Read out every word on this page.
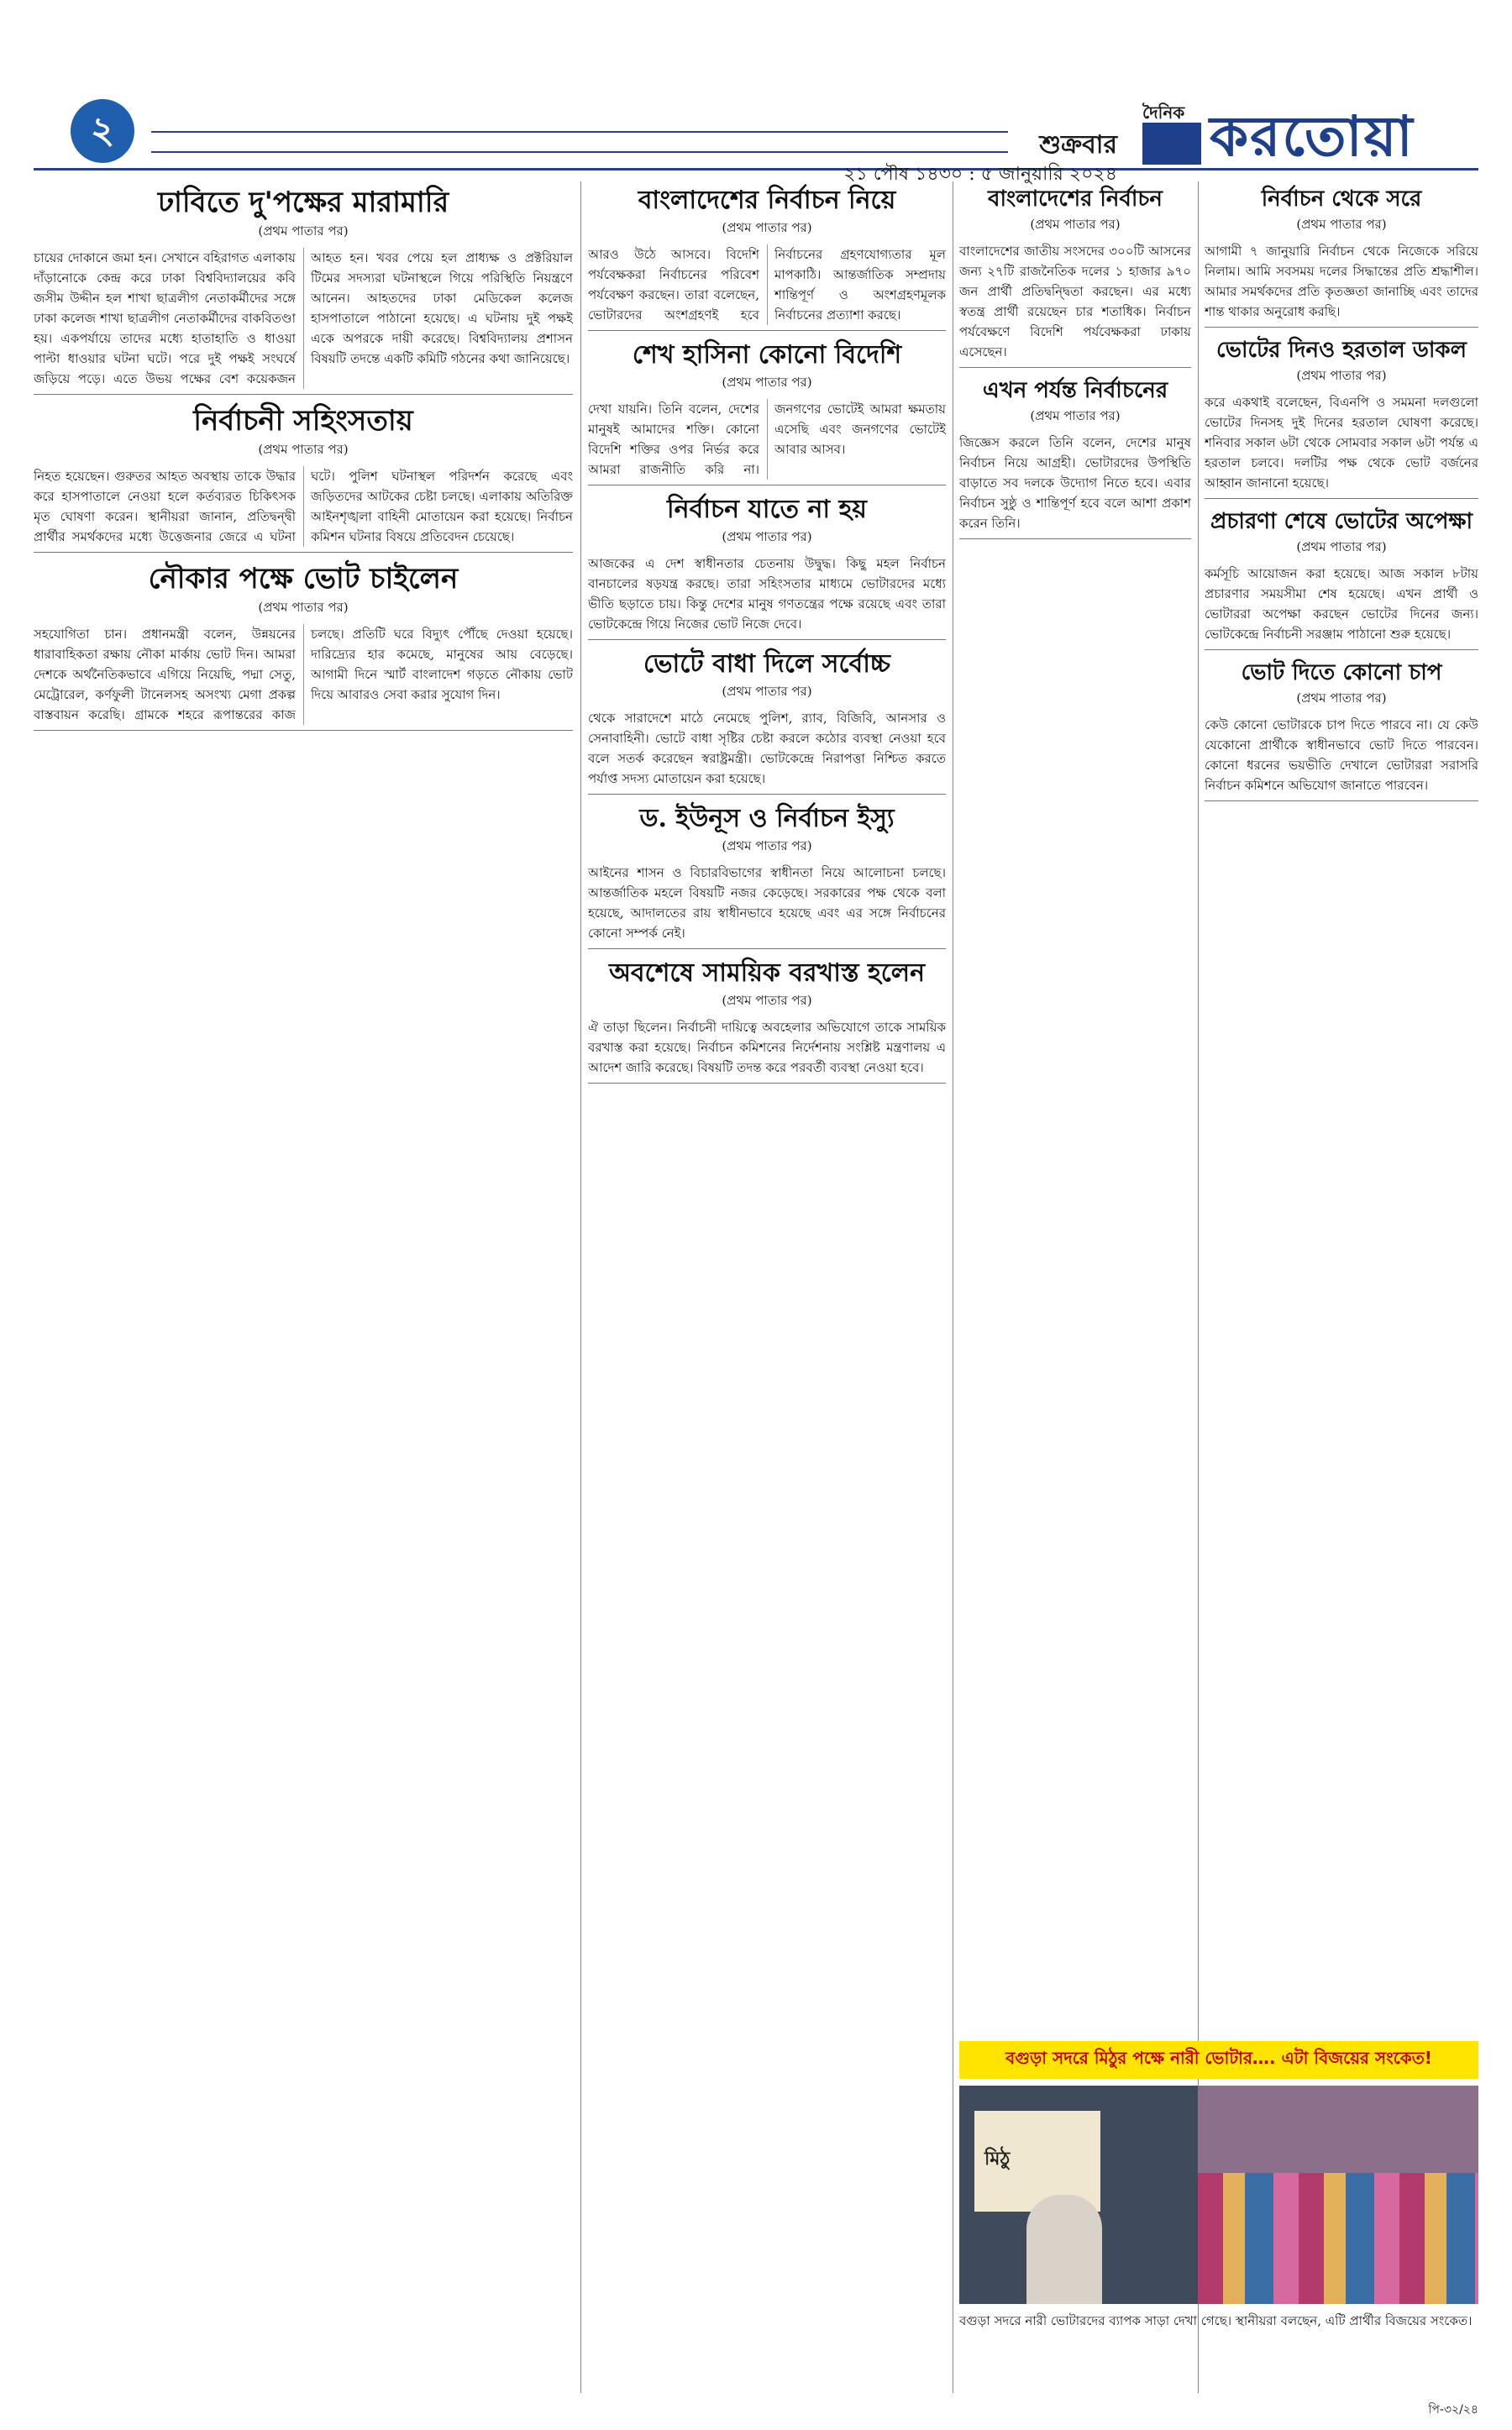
২	শুক্রবার
২১ পৌষ ১৪৩০ : ৫ জানুয়ারি ২০২৪
দৈনিক করতোয়া
ঢাবিতে দু'পক্ষের মারামারি
(প্রথম পাতার পর)

চায়ের দোকানে জমা হন। সেখানে বহিরাগত এলাকায় দাঁড়ানোকে কেন্দ্র করে ঢাকা বিশ্ববিদ্যালয়ের কবি জসীম উদ্দীন হল শাখা ছাত্রলীগ নেতাকর্মীদের সঙ্গে ঢাকা কলেজ শাখা ছাত্রলীগ নেতাকর্মীদের বাকবিতণ্ডা হয়। একপর্যায়ে তাদের মধ্যে হাতাহাতি ও ধাওয়া পাল্টা ধাওয়ার ঘটনা ঘটে। পরে দুই পক্ষই সংঘর্ষে জড়িয়ে পড়ে। এতে উভয় পক্ষের বেশ কয়েকজন আহত হন। খবর পেয়ে হল প্রাধ্যক্ষ ও প্রক্টরিয়াল টিমের সদস্যরা ঘটনাস্থলে গিয়ে পরিস্থিতি নিয়ন্ত্রণে আনেন। আহতদের ঢাকা মেডিকেল কলেজ হাসপাতালে পাঠানো হয়েছে। এ ঘটনায় দুই পক্ষই একে অপরকে দায়ী করেছে। বিশ্ববিদ্যালয় প্রশাসন বিষয়টি তদন্তে একটি কমিটি গঠনের কথা জানিয়েছে।

নির্বাচনী সহিংসতায়
(প্রথম পাতার পর)

নিহত হয়েছেন। গুরুতর আহত অবস্থায় তাকে উদ্ধার করে হাসপাতালে নেওয়া হলে কর্তব্যরত চিকিৎসক মৃত ঘোষণা করেন। স্থানীয়রা জানান, প্রতিদ্বন্দ্বী প্রার্থীর সমর্থকদের মধ্যে উত্তেজনার জেরে এ ঘটনা ঘটে। পুলিশ ঘটনাস্থল পরিদর্শন করেছে এবং জড়িতদের আটকের চেষ্টা চলছে। এলাকায় অতিরিক্ত আইনশৃঙ্খলা বাহিনী মোতায়েন করা হয়েছে। নির্বাচন কমিশন ঘটনার বিষয়ে প্রতিবেদন চেয়েছে।

নৌকার পক্ষে ভোট চাইলেন
(প্রথম পাতার পর)

সহযোগিতা চান। প্রধানমন্ত্রী বলেন, উন্নয়নের ধারাবাহিকতা রক্ষায় নৌকা মার্কায় ভোট দিন। আমরা দেশকে অর্থনৈতিকভাবে এগিয়ে নিয়েছি, পদ্মা সেতু, মেট্রোরেল, কর্ণফুলী টানেলসহ অসংখ্য মেগা প্রকল্প বাস্তবায়ন করেছি। গ্রামকে শহরে রূপান্তরের কাজ চলছে। প্রতিটি ঘরে বিদ্যুৎ পৌঁছে দেওয়া হয়েছে। দারিদ্র্যের হার কমেছে, মানুষের আয় বেড়েছে। আগামী দিনে স্মার্ট বাংলাদেশ গড়তে নৌকায় ভোট দিয়ে আবারও সেবা করার সুযোগ দিন।

বাংলাদেশের নির্বাচন নিয়ে
(প্রথম পাতার পর)

আরও উঠে আসবে। বিদেশি পর্যবেক্ষকরা নির্বাচনের পরিবেশ পর্যবেক্ষণ করছেন। তারা বলেছেন, ভোটারদের অংশগ্রহণই হবে নির্বাচনের গ্রহণযোগ্যতার মূল মাপকাঠি। আন্তর্জাতিক সম্প্রদায় শান্তিপূর্ণ ও অংশগ্রহণমূলক নির্বাচনের প্রত্যাশা করছে।

শেখ হাসিনা কোনো বিদেশি
(প্রথম পাতার পর)

দেখা যায়নি। তিনি বলেন, দেশের মানুষই আমাদের শক্তি। কোনো বিদেশি শক্তির ওপর নির্ভর করে আমরা রাজনীতি করি না। জনগণের ভোটেই আমরা ক্ষমতায় এসেছি এবং জনগণের ভোটেই আবার আসব।

নির্বাচন যাতে না হয়
(প্রথম পাতার পর)

আজকের এ দেশ স্বাধীনতার চেতনায় উদ্বুদ্ধ। কিছু মহল নির্বাচন বানচালের ষড়যন্ত্র করছে। তারা সহিংসতার মাধ্যমে ভোটারদের মধ্যে ভীতি ছড়াতে চায়। কিন্তু দেশের মানুষ গণতন্ত্রের পক্ষে রয়েছে এবং তারা ভোটকেন্দ্রে গিয়ে নিজের ভোট নিজে দেবে।

ভোটে বাধা দিলে সর্বোচ্চ
(প্রথম পাতার পর)

থেকে সারাদেশে মাঠে নেমেছে পুলিশ, র‍্যাব, বিজিবি, আনসার ও সেনাবাহিনী। ভোটে বাধা সৃষ্টির চেষ্টা করলে কঠোর ব্যবস্থা নেওয়া হবে বলে সতর্ক করেছেন স্বরাষ্ট্রমন্ত্রী। ভোটকেন্দ্রে নিরাপত্তা নিশ্চিত করতে পর্যাপ্ত সদস্য মোতায়েন করা হয়েছে।

ড. ইউনূস ও নির্বাচন ইস্যু
(প্রথম পাতার পর)

আইনের শাসন ও বিচারবিভাগের স্বাধীনতা নিয়ে আলোচনা চলছে। আন্তর্জাতিক মহলে বিষয়টি নজর কেড়েছে। সরকারের পক্ষ থেকে বলা হয়েছে, আদালতের রায় স্বাধীনভাবে হয়েছে এবং এর সঙ্গে নির্বাচনের কোনো সম্পর্ক নেই।

অবশেষে সাময়িক বরখাস্ত হলেন
(প্রথম পাতার পর)

ঐ তাড়া ছিলেন। নির্বাচনী দায়িত্বে অবহেলার অভিযোগে তাকে সাময়িক বরখাস্ত করা হয়েছে। নির্বাচন কমিশনের নির্দেশনায় সংশ্লিষ্ট মন্ত্রণালয় এ আদেশ জারি করেছে। বিষয়টি তদন্ত করে পরবর্তী ব্যবস্থা নেওয়া হবে।

বাংলাদেশের নির্বাচন
(প্রথম পাতার পর)

বাংলাদেশের জাতীয় সংসদের ৩০০টি আসনের জন্য ২৭টি রাজনৈতিক দলের ১ হাজার ৯৭০ জন প্রার্থী প্রতিদ্বন্দ্বিতা করছেন। এর মধ্যে স্বতন্ত্র প্রার্থী রয়েছেন চার শতাধিক। নির্বাচন পর্যবেক্ষণে বিদেশি পর্যবেক্ষকরা ঢাকায় এসেছেন।

এখন পর্যন্ত নির্বাচনের
(প্রথম পাতার পর)

জিজ্ঞেস করলে তিনি বলেন, দেশের মানুষ নির্বাচন নিয়ে আগ্রহী। ভোটারদের উপস্থিতি বাড়াতে সব দলকে উদ্যোগ নিতে হবে। এবার নির্বাচন সুষ্ঠু ও শান্তিপূর্ণ হবে বলে আশা প্রকাশ করেন তিনি।

নির্বাচন থেকে সরে
(প্রথম পাতার পর)

আগামী ৭ জানুয়ারি নির্বাচন থেকে নিজেকে সরিয়ে নিলাম। আমি সবসময় দলের সিদ্ধান্তের প্রতি শ্রদ্ধাশীল। আমার সমর্থকদের প্রতি কৃতজ্ঞতা জানাচ্ছি এবং তাদের শান্ত থাকার অনুরোধ করছি।

ভোটের দিনও হরতাল ডাকল
(প্রথম পাতার পর)

করে একথাই বলেছেন, বিএনপি ও সমমনা দলগুলো ভোটের দিনসহ দুই দিনের হরতাল ঘোষণা করেছে। শনিবার সকাল ৬টা থেকে সোমবার সকাল ৬টা পর্যন্ত এ হরতাল চলবে। দলটির পক্ষ থেকে ভোট বর্জনের আহ্বান জানানো হয়েছে।

প্রচারণা শেষে ভোটের অপেক্ষা
(প্রথম পাতার পর)

কর্মসূচি আয়োজন করা হয়েছে। আজ সকাল ৮টায় প্রচারণার সময়সীমা শেষ হয়েছে। এখন প্রার্থী ও ভোটাররা অপেক্ষা করছেন ভোটের দিনের জন্য। ভোটকেন্দ্রে নির্বাচনী সরঞ্জাম পাঠানো শুরু হয়েছে।

ভোট দিতে কোনো চাপ
(প্রথম পাতার পর)

কেউ কোনো ভোটারকে চাপ দিতে পারবে না। যে কেউ যেকোনো প্রার্থীকে স্বাধীনভাবে ভোট দিতে পারবেন। কোনো ধরনের ভয়ভীতি দেখালে ভোটাররা সরাসরি নির্বাচন কমিশনে অভিযোগ জানাতে পারবেন।

বগুড়া সদরে মিঠুর পক্ষে নারী ভোটার…. এটা বিজয়ের সংকেত!
মিঠু

বগুড়া সদরে নারী ভোটারদের ব্যাপক সাড়া দেখা গেছে। স্থানীয়রা বলছেন, এটি প্রার্থীর বিজয়ের সংকেত।

পি-৩২/২৪
